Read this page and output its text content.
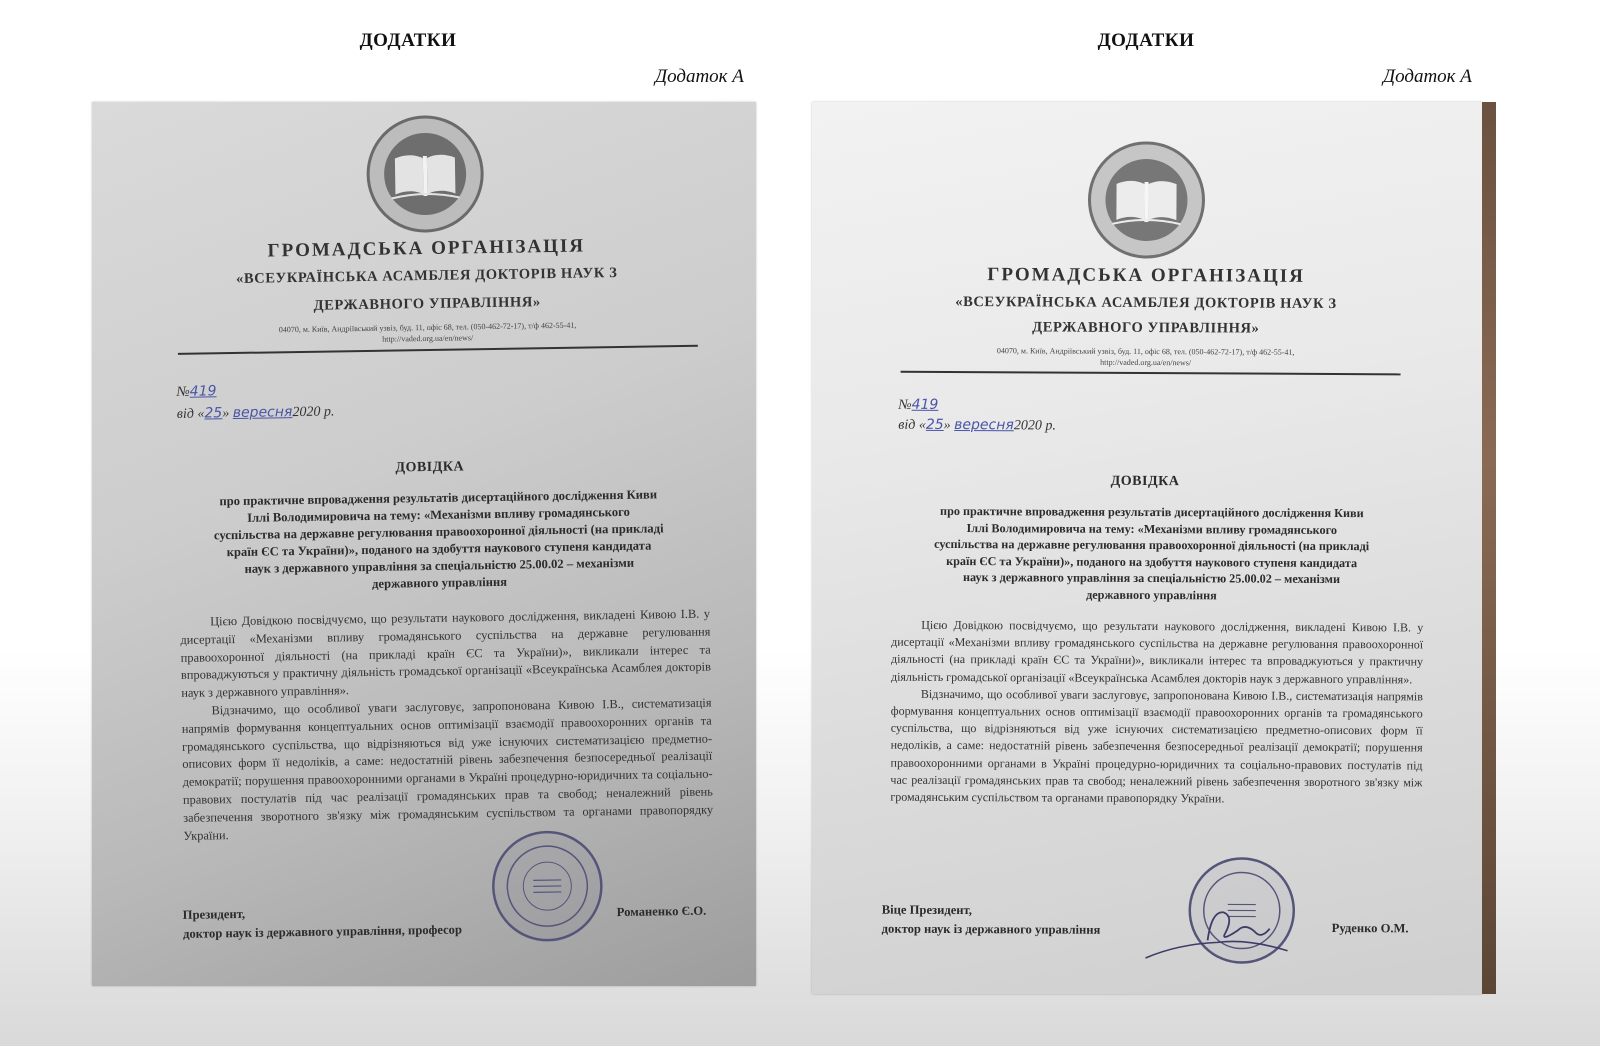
ДОДАТКИ
Додаток А
ДОДАТКИ
Додаток А
ГРОМАДСЬКА ОРГАНІЗАЦІЯ
«ВСЕУКРАЇНСЬКА АСАМБЛЕЯ ДОКТОРІВ НАУК З
ДЕРЖАВНОГО УПРАВЛІННЯ»
04070, м. Київ, Андріївський узвіз, буд. 11, офіс 68, тел. (050-462-72-17), т/ф 462-55-41,
http://vaded.org.ua/en/news/
№419
від «25» вересня2020 р.
ДОВІДКА
про практичне впровадження результатів дисертаційного дослідження Киви
Іллі Володимировича на тему: «Механізми впливу громадянського
суспільства на державне регулювання правоохоронної діяльності (на прикладі
країн ЄС та України)», поданого на здобуття наукового ступеня кандидата
наук з державного управління за спеціальністю 25.00.02 – механізми
державного управління

Цією Довідкою посвідчуємо, що результати наукового дослідження, викладені Кивою І.В. у дисертації «Механізми впливу громадянського суспільства на державне регулювання правоохоронної діяльності (на прикладі країн ЄС та України)», викликали інтерес та впроваджуються у практичну діяльність громадської організації «Всеукраїнська Асамблея докторів наук з державного управління».

Відзначимо, що особливої уваги заслуговує, запропонована Кивою І.В., систематизація напрямів формування концептуальних основ оптимізації взаємодії правоохоронних органів та громадянського суспільства, що відрізняються від уже існуючих систематизацією предметно-описових форм її недоліків, а саме: недостатній рівень забезпечення безпосередньої реалізації демократії; порушення правоохоронними органами в Україні процедурно-юридичних та соціально-правових постулатів під час реалізації громадянських прав та свобод; неналежний рівень забезпечення зворотного зв'язку між громадянським суспільством та органами правопорядку України.

Президент,
доктор наук із державного управління, професор
Романенко Є.О.
ГРОМАДСЬКА ОРГАНІЗАЦІЯ
«ВСЕУКРАЇНСЬКА АСАМБЛЕЯ ДОКТОРІВ НАУК З
ДЕРЖАВНОГО УПРАВЛІННЯ»
04070, м. Київ, Андріївський узвіз, буд. 11, офіс 68, тел. (050-462-72-17), т/ф 462-55-41,
http://vaded.org.ua/en/news/
№419
від «25» вересня2020 р.
ДОВІДКА
про практичне впровадження результатів дисертаційного дослідження Киви
Іллі Володимировича на тему: «Механізми впливу громадянського
суспільства на державне регулювання правоохоронної діяльності (на прикладі
країн ЄС та України)», поданого на здобуття наукового ступеня кандидата
наук з державного управління за спеціальністю 25.00.02 – механізми
державного управління

Цією Довідкою посвідчуємо, що результати наукового дослідження, викладені Кивою І.В. у дисертації «Механізми впливу громадянського суспільства на державне регулювання правоохоронної діяльності (на прикладі країн ЄС та України)», викликали інтерес та впроваджуються у практичну діяльність громадської організації «Всеукраїнська Асамблея докторів наук з державного управління».

Відзначимо, що особливої уваги заслуговує, запропонована Кивою І.В., систематизація напрямів формування концептуальних основ оптимізації взаємодії правоохоронних органів та громадянського суспільства, що відрізняються від уже існуючих систематизацією предметно-описових форм її недоліків, а саме: недостатній рівень забезпечення безпосередньої реалізації демократії; порушення правоохоронними органами в Україні процедурно-юридичних та соціально-правових постулатів під час реалізації громадянських прав та свобод; неналежний рівень забезпечення зворотного зв'язку між громадянським суспільством та органами правопорядку України.

Віце Президент,
доктор наук із державного управління	Руденко О.М.
